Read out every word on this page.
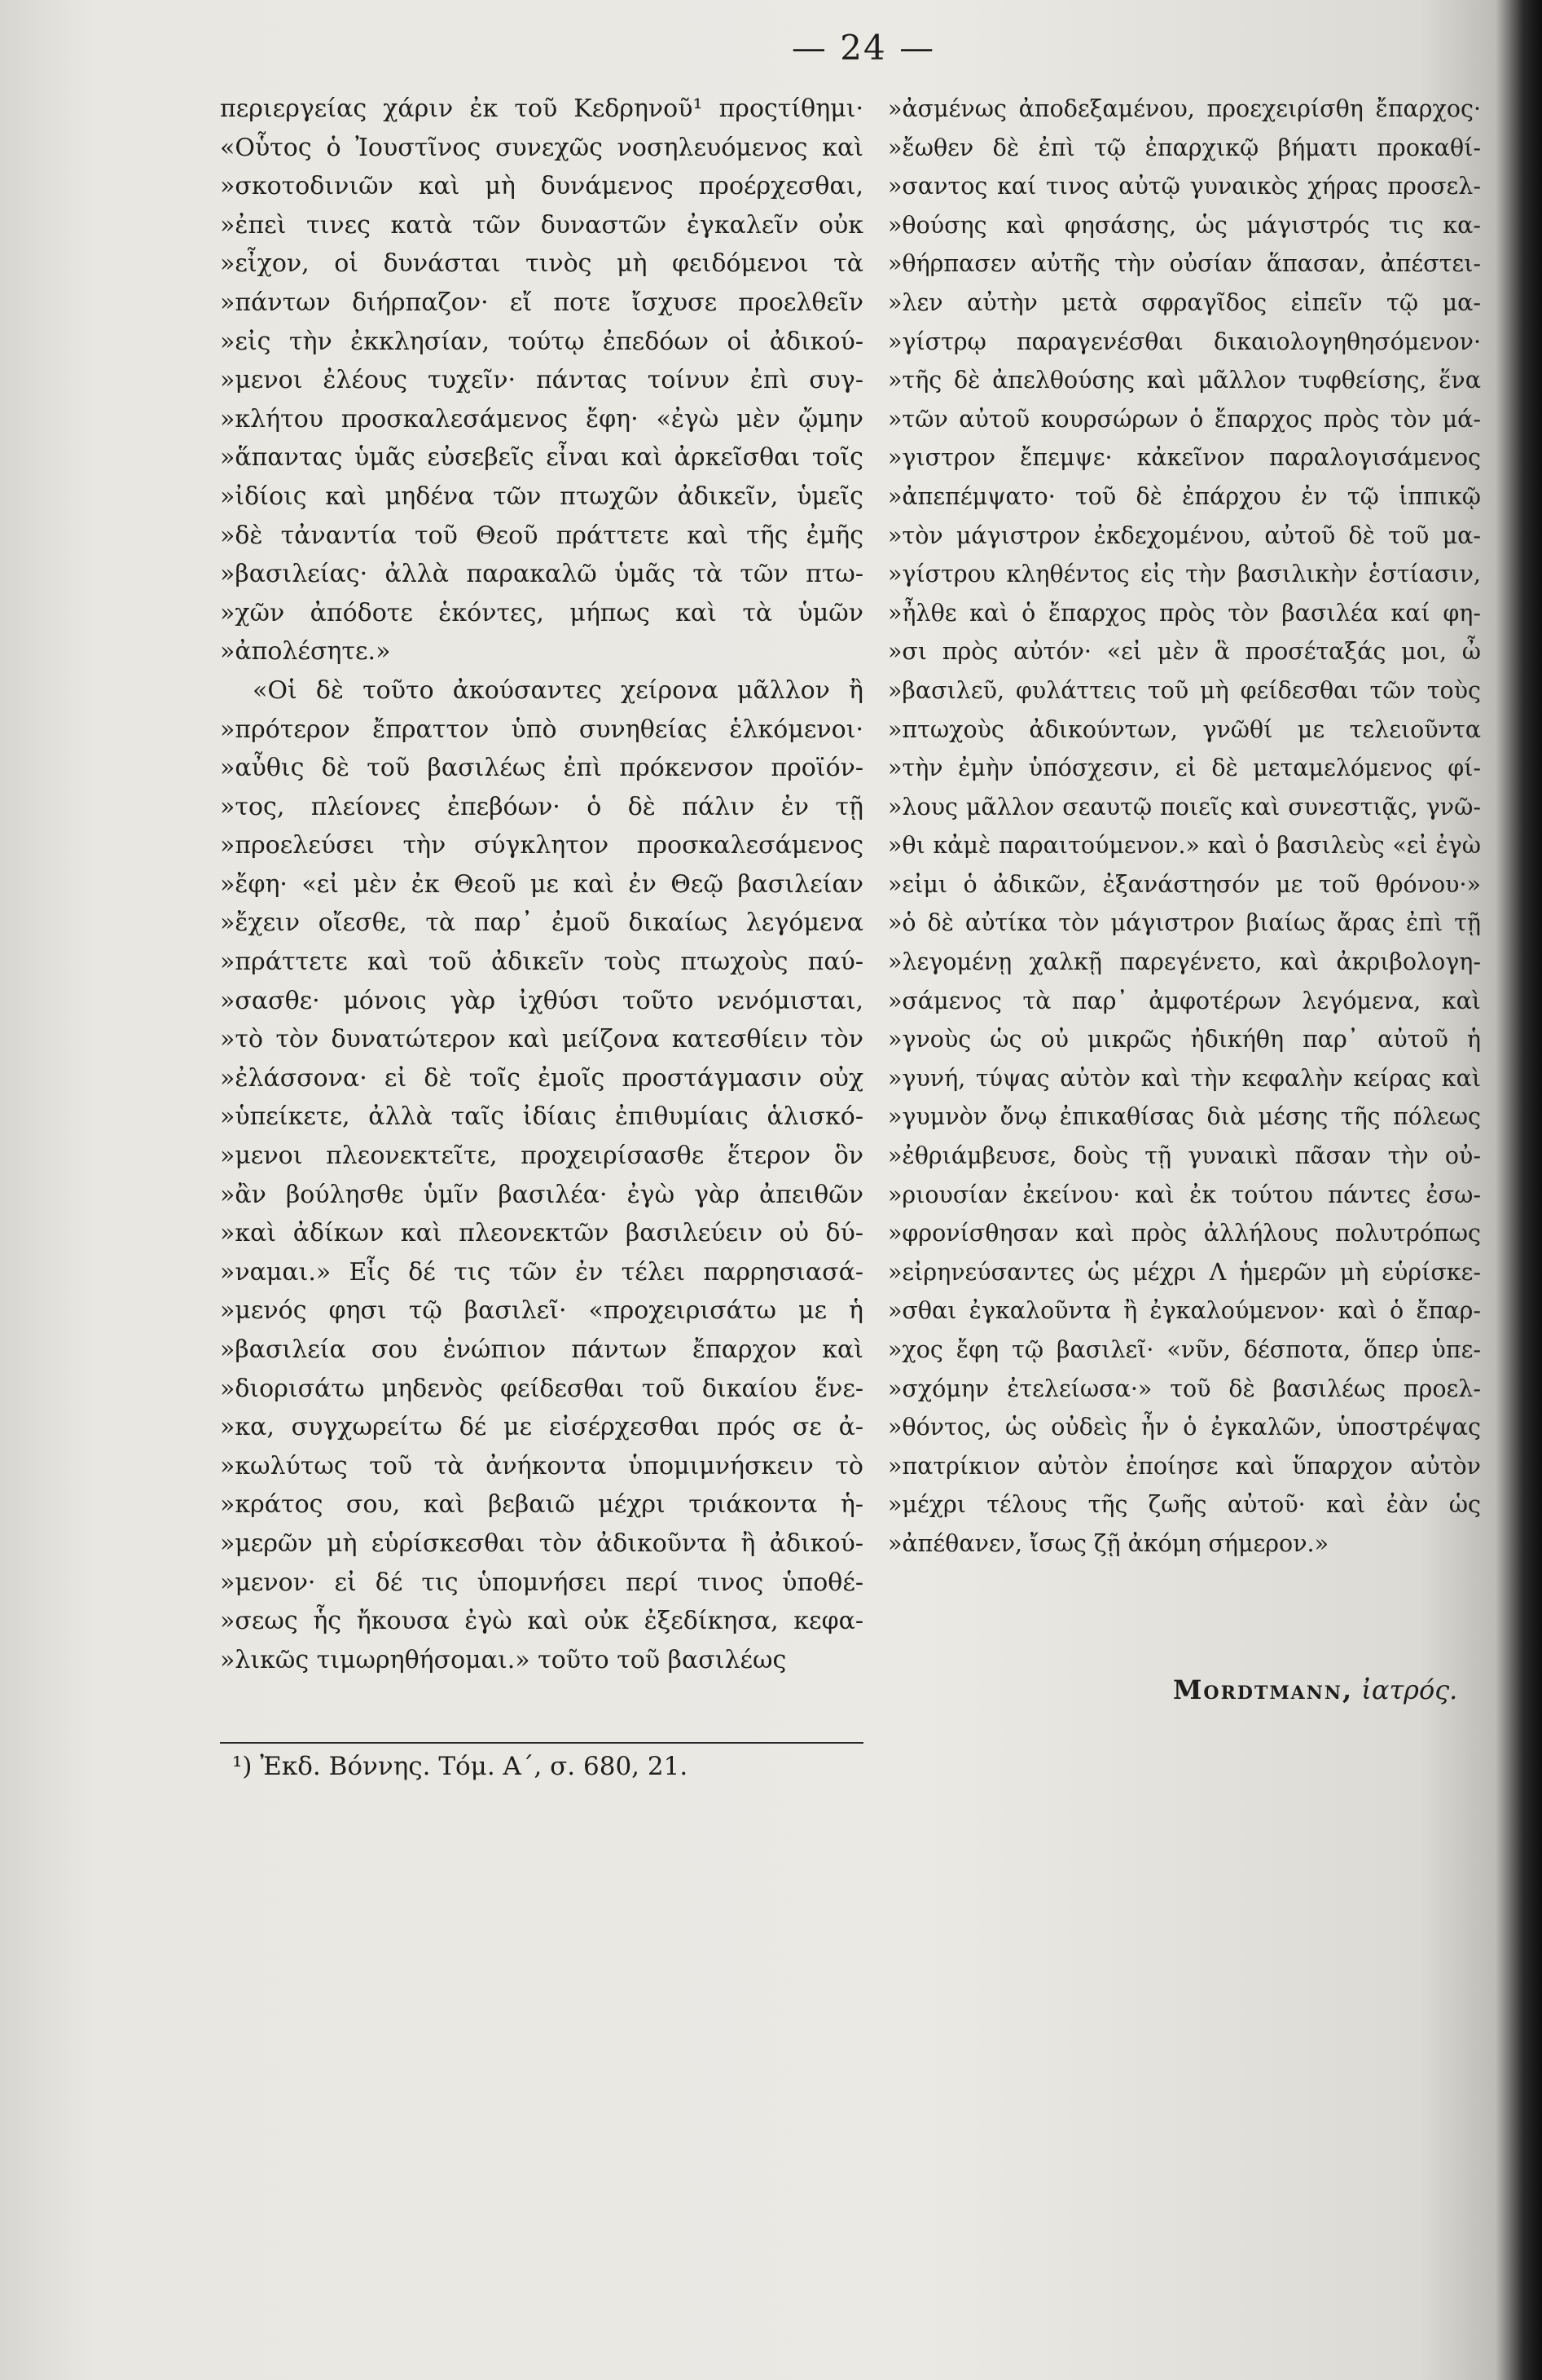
— 24 —
περιεργείας χάριν ἐκ τοῦ Κεδρηνοῦ¹ προςτίθημι·
«Οὗτος ὁ Ἰουστῖνος συνεχῶς νοσηλευόμενος καὶ
»σκοτοδινιῶν καὶ μὴ δυνάμενος προέρχεσθαι,
»ἐπεὶ τινες κατὰ τῶν δυναστῶν ἐγκαλεῖν οὐκ
»εἶχον, οἱ δυνάσται τινὸς μὴ φειδόμενοι τὰ
»πάντων διήρπαζον· εἴ ποτε ἴσχυσε προελθεῖν
»εἰς τὴν ἐκκλησίαν, τούτῳ ἐπεδόων οἱ ἀδικού-
»μενοι ἐλέους τυχεῖν· πάντας τοίνυν ἐπὶ συγ-
»κλήτου προσκαλεσάμενος ἔφη· «ἐγὼ μὲν ᾤμην
»ἅπαντας ὑμᾶς εὐσεβεῖς εἶναι καὶ ἀρκεῖσθαι τοῖς
»ἰδίοις καὶ μηδένα τῶν πτωχῶν ἀδικεῖν, ὑμεῖς
»δὲ τἀναντία τοῦ Θεοῦ πράττετε καὶ τῆς ἐμῆς
»βασιλείας· ἀλλὰ παρακαλῶ ὑμᾶς τὰ τῶν πτω-
»χῶν ἀπόδοτε ἑκόντες, μήπως καὶ τὰ ὑμῶν
»ἀπολέσητε.»
«Οἱ δὲ τοῦτο ἀκούσαντες χείρονα μᾶλλον ἢ
»πρότερον ἔπραττον ὑπὸ συνηθείας ἑλκόμενοι·
»αὖθις δὲ τοῦ βασιλέως ἐπὶ πρόκενσον προϊόν-
»τος, πλείονες ἐπεβόων· ὁ δὲ πάλιν ἐν τῇ
»προελεύσει τὴν σύγκλητον προσκαλεσάμενος
»ἔφη· «εἰ μὲν ἐκ Θεοῦ με καὶ ἐν Θεῷ βασιλείαν
»ἔχειν οἴεσθε, τὰ παρ᾽ ἐμοῦ δικαίως λεγόμενα
»πράττετε καὶ τοῦ ἀδικεῖν τοὺς πτωχοὺς παύ-
»σασθε· μόνοις γὰρ ἰχθύσι τοῦτο νενόμισται,
»τὸ τὸν δυνατώτερον καὶ μείζονα κατεσθίειν τὸν
»ἐλάσσονα· εἰ δὲ τοῖς ἐμοῖς προστάγμασιν οὐχ
»ὑπείκετε, ἀλλὰ ταῖς ἰδίαις ἐπιθυμίαις ἁλισκό-
»μενοι πλεονεκτεῖτε, προχειρίσασθε ἕτερον ὃν
»ἂν βούλησθε ὑμῖν βασιλέα· ἐγὼ γὰρ ἀπειθῶν
»καὶ ἀδίκων καὶ πλεονεκτῶν βασιλεύειν οὐ δύ-
»ναμαι.» Εἷς δέ τις τῶν ἐν τέλει παρρησιασά-
»μενός φησι τῷ βασιλεῖ· «προχειρισάτω με ἡ
»βασιλεία σου ἐνώπιον πάντων ἔπαρχον καὶ
»διορισάτω μηδενὸς φείδεσθαι τοῦ δικαίου ἕνε-
»κα, συγχωρείτω δέ με εἰσέρχεσθαι πρός σε ἀ-
»κωλύτως τοῦ τὰ ἀνήκοντα ὑπομιμνήσκειν τὸ
»κράτος σου, καὶ βεβαιῶ μέχρι τριάκοντα ἡ-
»μερῶν μὴ εὑρίσκεσθαι τὸν ἀδικοῦντα ἢ ἀδικού-
»μενον· εἰ δέ τις ὑπομνήσει περί τινος ὑποθέ-
»σεως ἧς ἤκουσα ἐγὼ καὶ οὐκ ἐξεδίκησα, κεφα-
»λικῶς τιμωρηθήσομαι.» τοῦτο τοῦ βασιλέως
»ἀσμένως ἀποδεξαμένου, προεχειρίσθη ἔπαρχος·
»ἔωθεν δὲ ἐπὶ τῷ ἐπαρχικῷ βήματι προκαθί-
»σαντος καί τινος αὐτῷ γυναικὸς χήρας προσελ-
»θούσης καὶ φησάσης, ὡς μάγιστρός τις κα-
»θήρπασεν αὐτῆς τὴν οὐσίαν ἅπασαν, ἀπέστει-
»λεν αὐτὴν μετὰ σφραγῖδος εἰπεῖν τῷ μα-
»γίστρῳ παραγενέσθαι δικαιολογηθησόμενον·
»τῆς δὲ ἀπελθούσης καὶ μᾶλλον τυφθείσης, ἕνα
»τῶν αὐτοῦ κουρσώρων ὁ ἔπαρχος πρὸς τὸν μά-
»γιστρον ἔπεμψε· κἀκεῖνον παραλογισάμενος
»ἀπεπέμψατο· τοῦ δὲ ἐπάρχου ἐν τῷ ἱππικῷ
»τὸν μάγιστρον ἐκδεχομένου, αὐτοῦ δὲ τοῦ μα-
»γίστρου κληθέντος εἰς τὴν βασιλικὴν ἑστίασιν,
»ἦλθε καὶ ὁ ἔπαρχος πρὸς τὸν βασιλέα καί φη-
»σι πρὸς αὐτόν· «εἰ μὲν ἃ προσέταξάς μοι, ὦ
»βασιλεῦ, φυλάττεις τοῦ μὴ φείδεσθαι τῶν τοὺς
»πτωχοὺς ἀδικούντων, γνῶθί με τελειοῦντα
»τὴν ἐμὴν ὑπόσχεσιν, εἰ δὲ μεταμελόμενος φί-
»λους μᾶλλον σεαυτῷ ποιεῖς καὶ συνεστιᾷς, γνῶ-
»θι κἀμὲ παραιτούμενον.» καὶ ὁ βασιλεὺς «εἰ ἐγὼ
»εἰμι ὁ ἀδικῶν, ἐξανάστησόν με τοῦ θρόνου·»
»ὁ δὲ αὐτίκα τὸν μάγιστρον βιαίως ἄρας ἐπὶ τῇ
»λεγομένῃ χαλκῇ παρεγένετο, καὶ ἀκριβολογη-
»σάμενος τὰ παρ᾽ ἀμφοτέρων λεγόμενα, καὶ
»γνοὺς ὡς οὐ μικρῶς ἠδικήθη παρ᾽ αὐτοῦ ἡ
»γυνή, τύψας αὐτὸν καὶ τὴν κεφαλὴν κείρας καὶ
»γυμνὸν ὄνῳ ἐπικαθίσας διὰ μέσης τῆς πόλεως
»ἐθριάμβευσε, δοὺς τῇ γυναικὶ πᾶσαν τὴν οὐ-
»ριουσίαν ἐκείνου· καὶ ἐκ τούτου πάντες ἐσω-
»φρονίσθησαν καὶ πρὸς ἀλλήλους πολυτρόπως
»εἰρηνεύσαντες ὡς μέχρι Λ ἡμερῶν μὴ εὑρίσκε-
»σθαι ἐγκαλοῦντα ἢ ἐγκαλούμενον· καὶ ὁ ἔπαρ-
»χος ἔφη τῷ βασιλεῖ· «νῦν, δέσποτα, ὅπερ ὑπε-
»σχόμην ἐτελείωσα·» τοῦ δὲ βασιλέως προελ-
»θόντος, ὡς οὐδεὶς ἦν ὁ ἐγκαλῶν, ὑποστρέψας
»πατρίκιον αὐτὸν ἐποίησε καὶ ὕπαρχον αὐτὸν
»μέχρι τέλους τῆς ζωῆς αὐτοῦ· καὶ ἐὰν ὡς
»ἀπέθανεν, ἴσως ζῇ ἀκόμη σήμερον.»
Mordtmann, ἰατρός.
¹) Ἐκδ. Βόννης. Τόμ. Α΄, σ. 680, 21.
